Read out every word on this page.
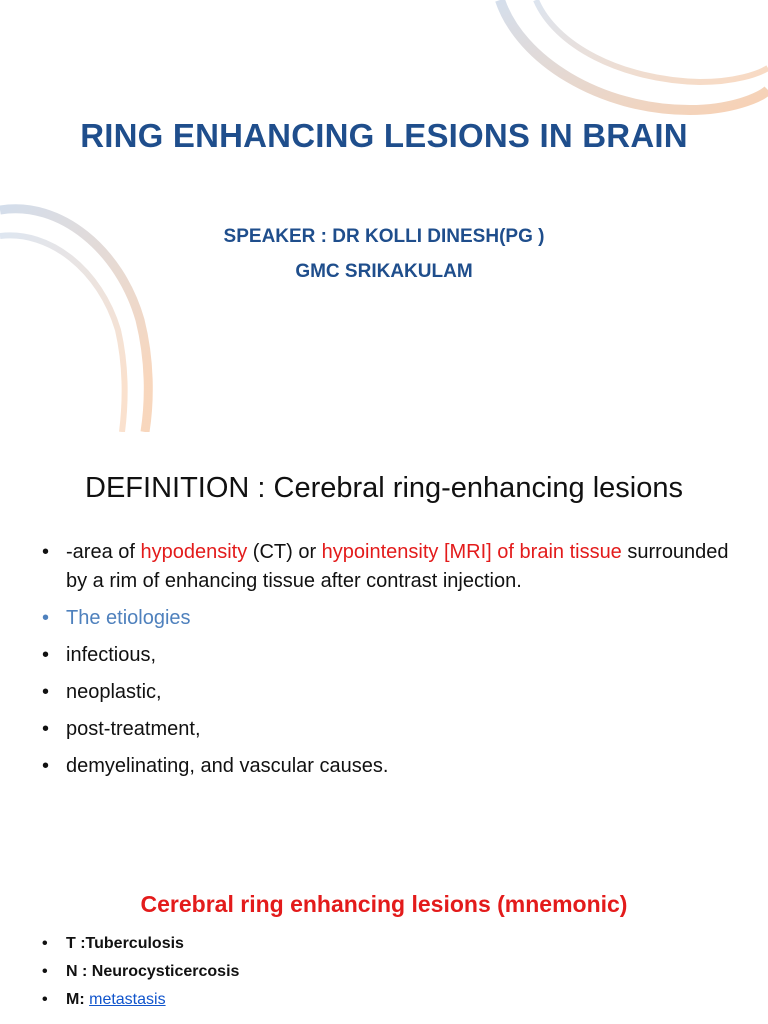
RING ENHANCING LESIONS IN BRAIN
SPEAKER : DR KOLLI DINESH(PG )
GMC SRIKAKULAM
DEFINITION : Cerebral ring-enhancing lesions
• -area of hypodensity (CT) or hypointensity [MRI] of brain tissue surrounded by a rim of enhancing tissue after contrast injection.
• The etiologies
• infectious,
• neoplastic,
• post-treatment,
• demyelinating, and vascular causes.
Cerebral ring enhancing lesions (mnemonic)
• T :Tuberculosis
• N : Neurocysticercosis
• M: metastasis
